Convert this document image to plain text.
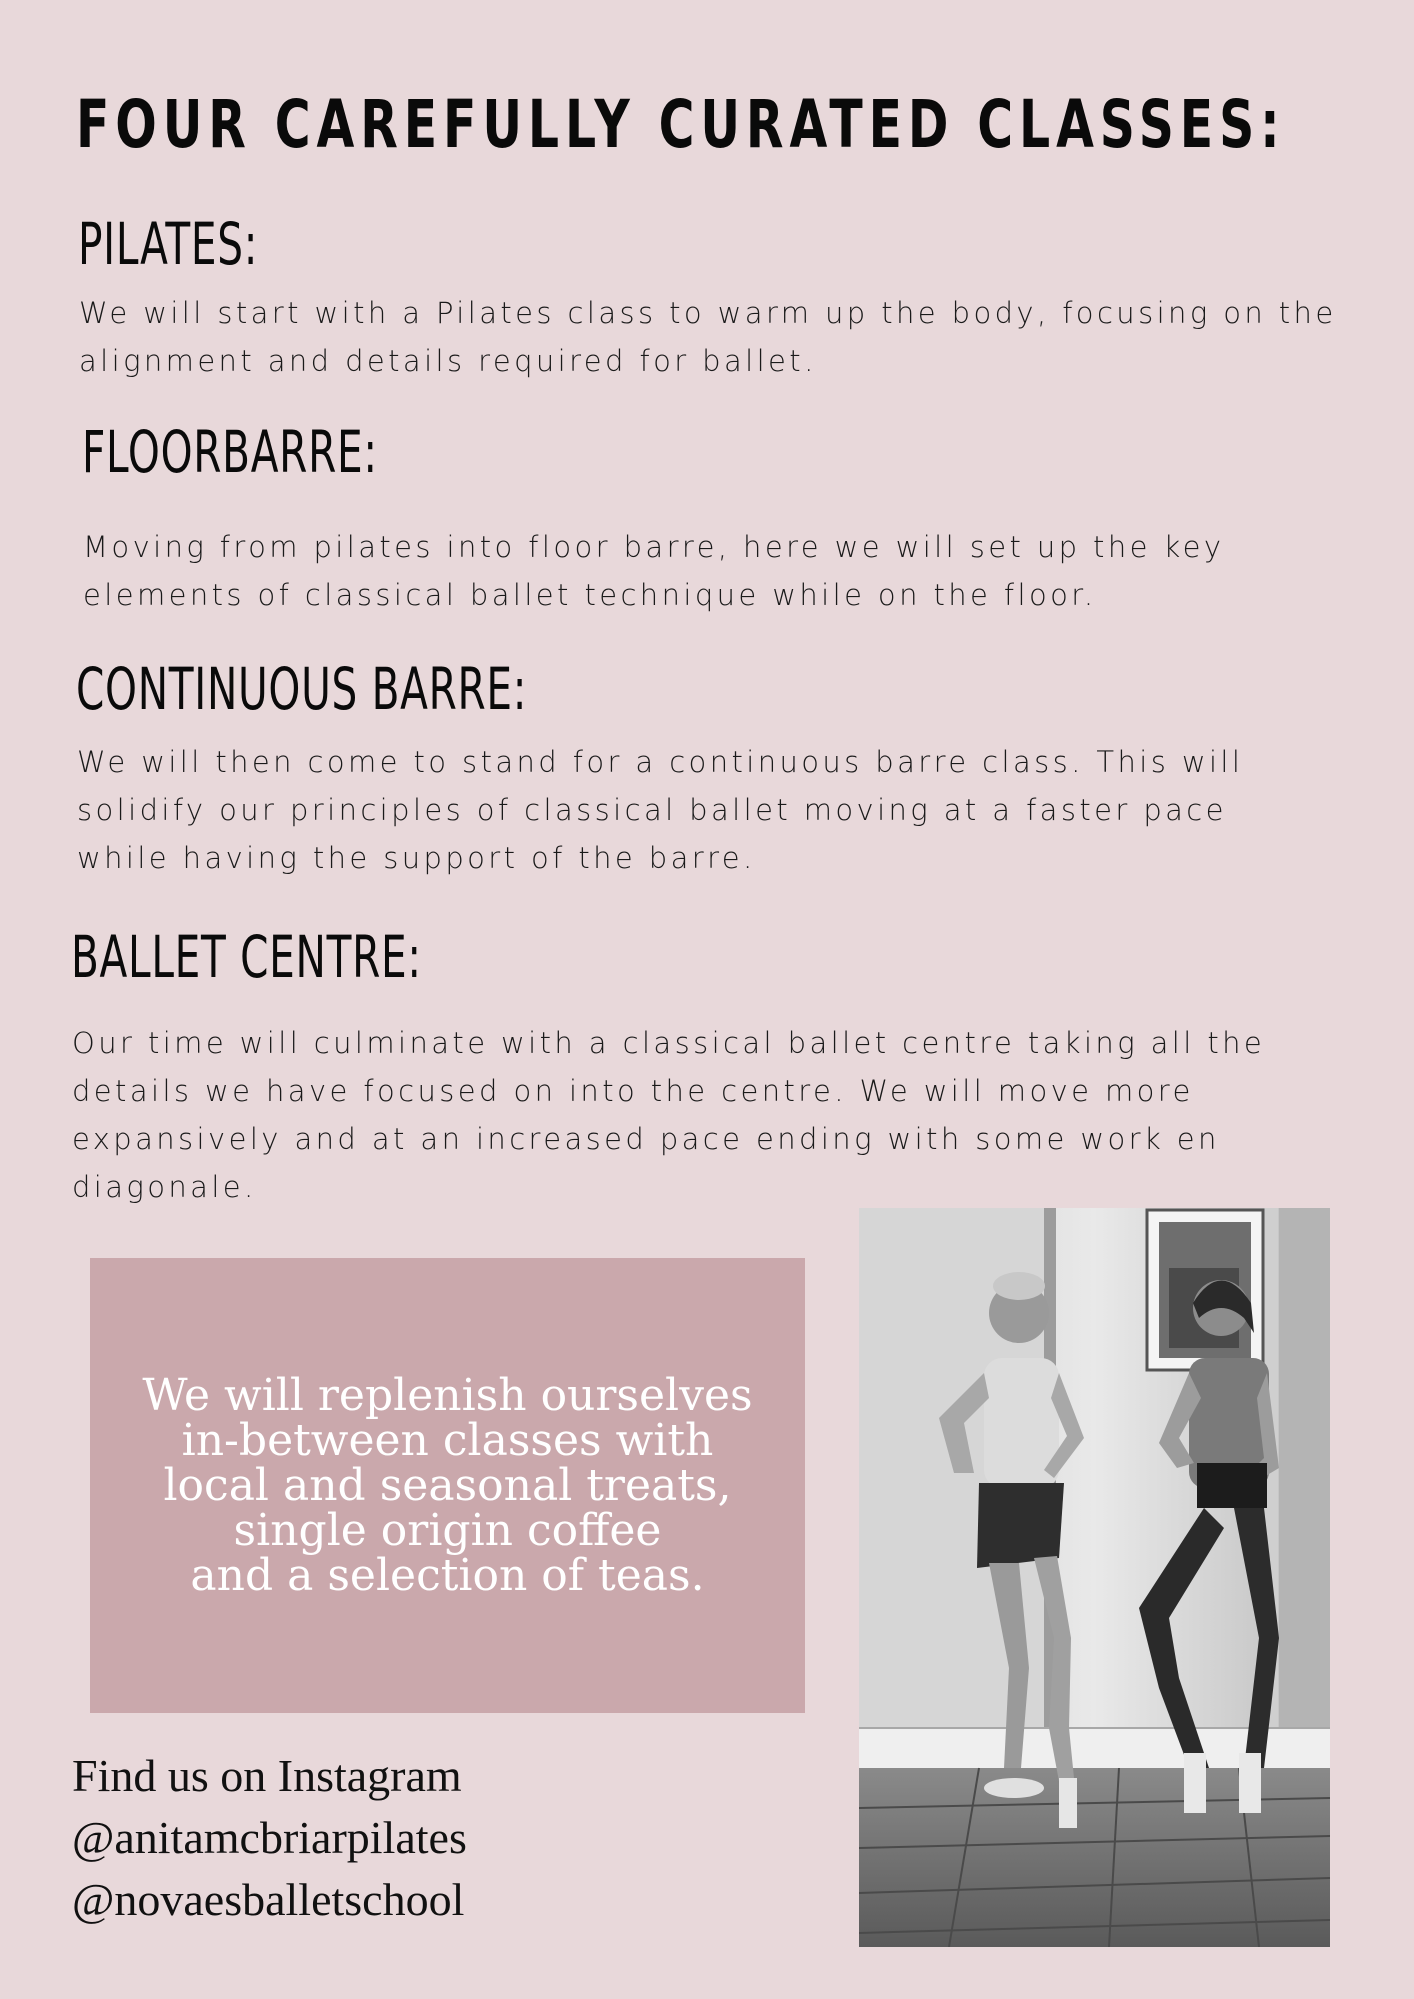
FOUR CAREFULLY CURATED CLASSES:
PILATES:
We will start with a Pilates class to warm up the body, focusing on the
alignment and details required for ballet.
FLOORBARRE:
Moving from pilates into floor barre, here we will set up the key
elements of classical ballet technique while on the floor.
CONTINUOUS BARRE:
We will then come to stand for a continuous barre class. This will
solidify our principles of classical ballet moving at a faster pace
while having the support of the barre.
BALLET CENTRE:
Our time will culminate with a classical ballet centre taking all the
details we have focused on into the centre. We will move more
expansively and at an increased pace ending with some work en
diagonale.
We will replenish ourselves
in-between classes with
local and seasonal treats,
single origin coffee
and a selection of teas.
Find us on Instagram
@anitamcbriarpilates
@novaesballetschool
